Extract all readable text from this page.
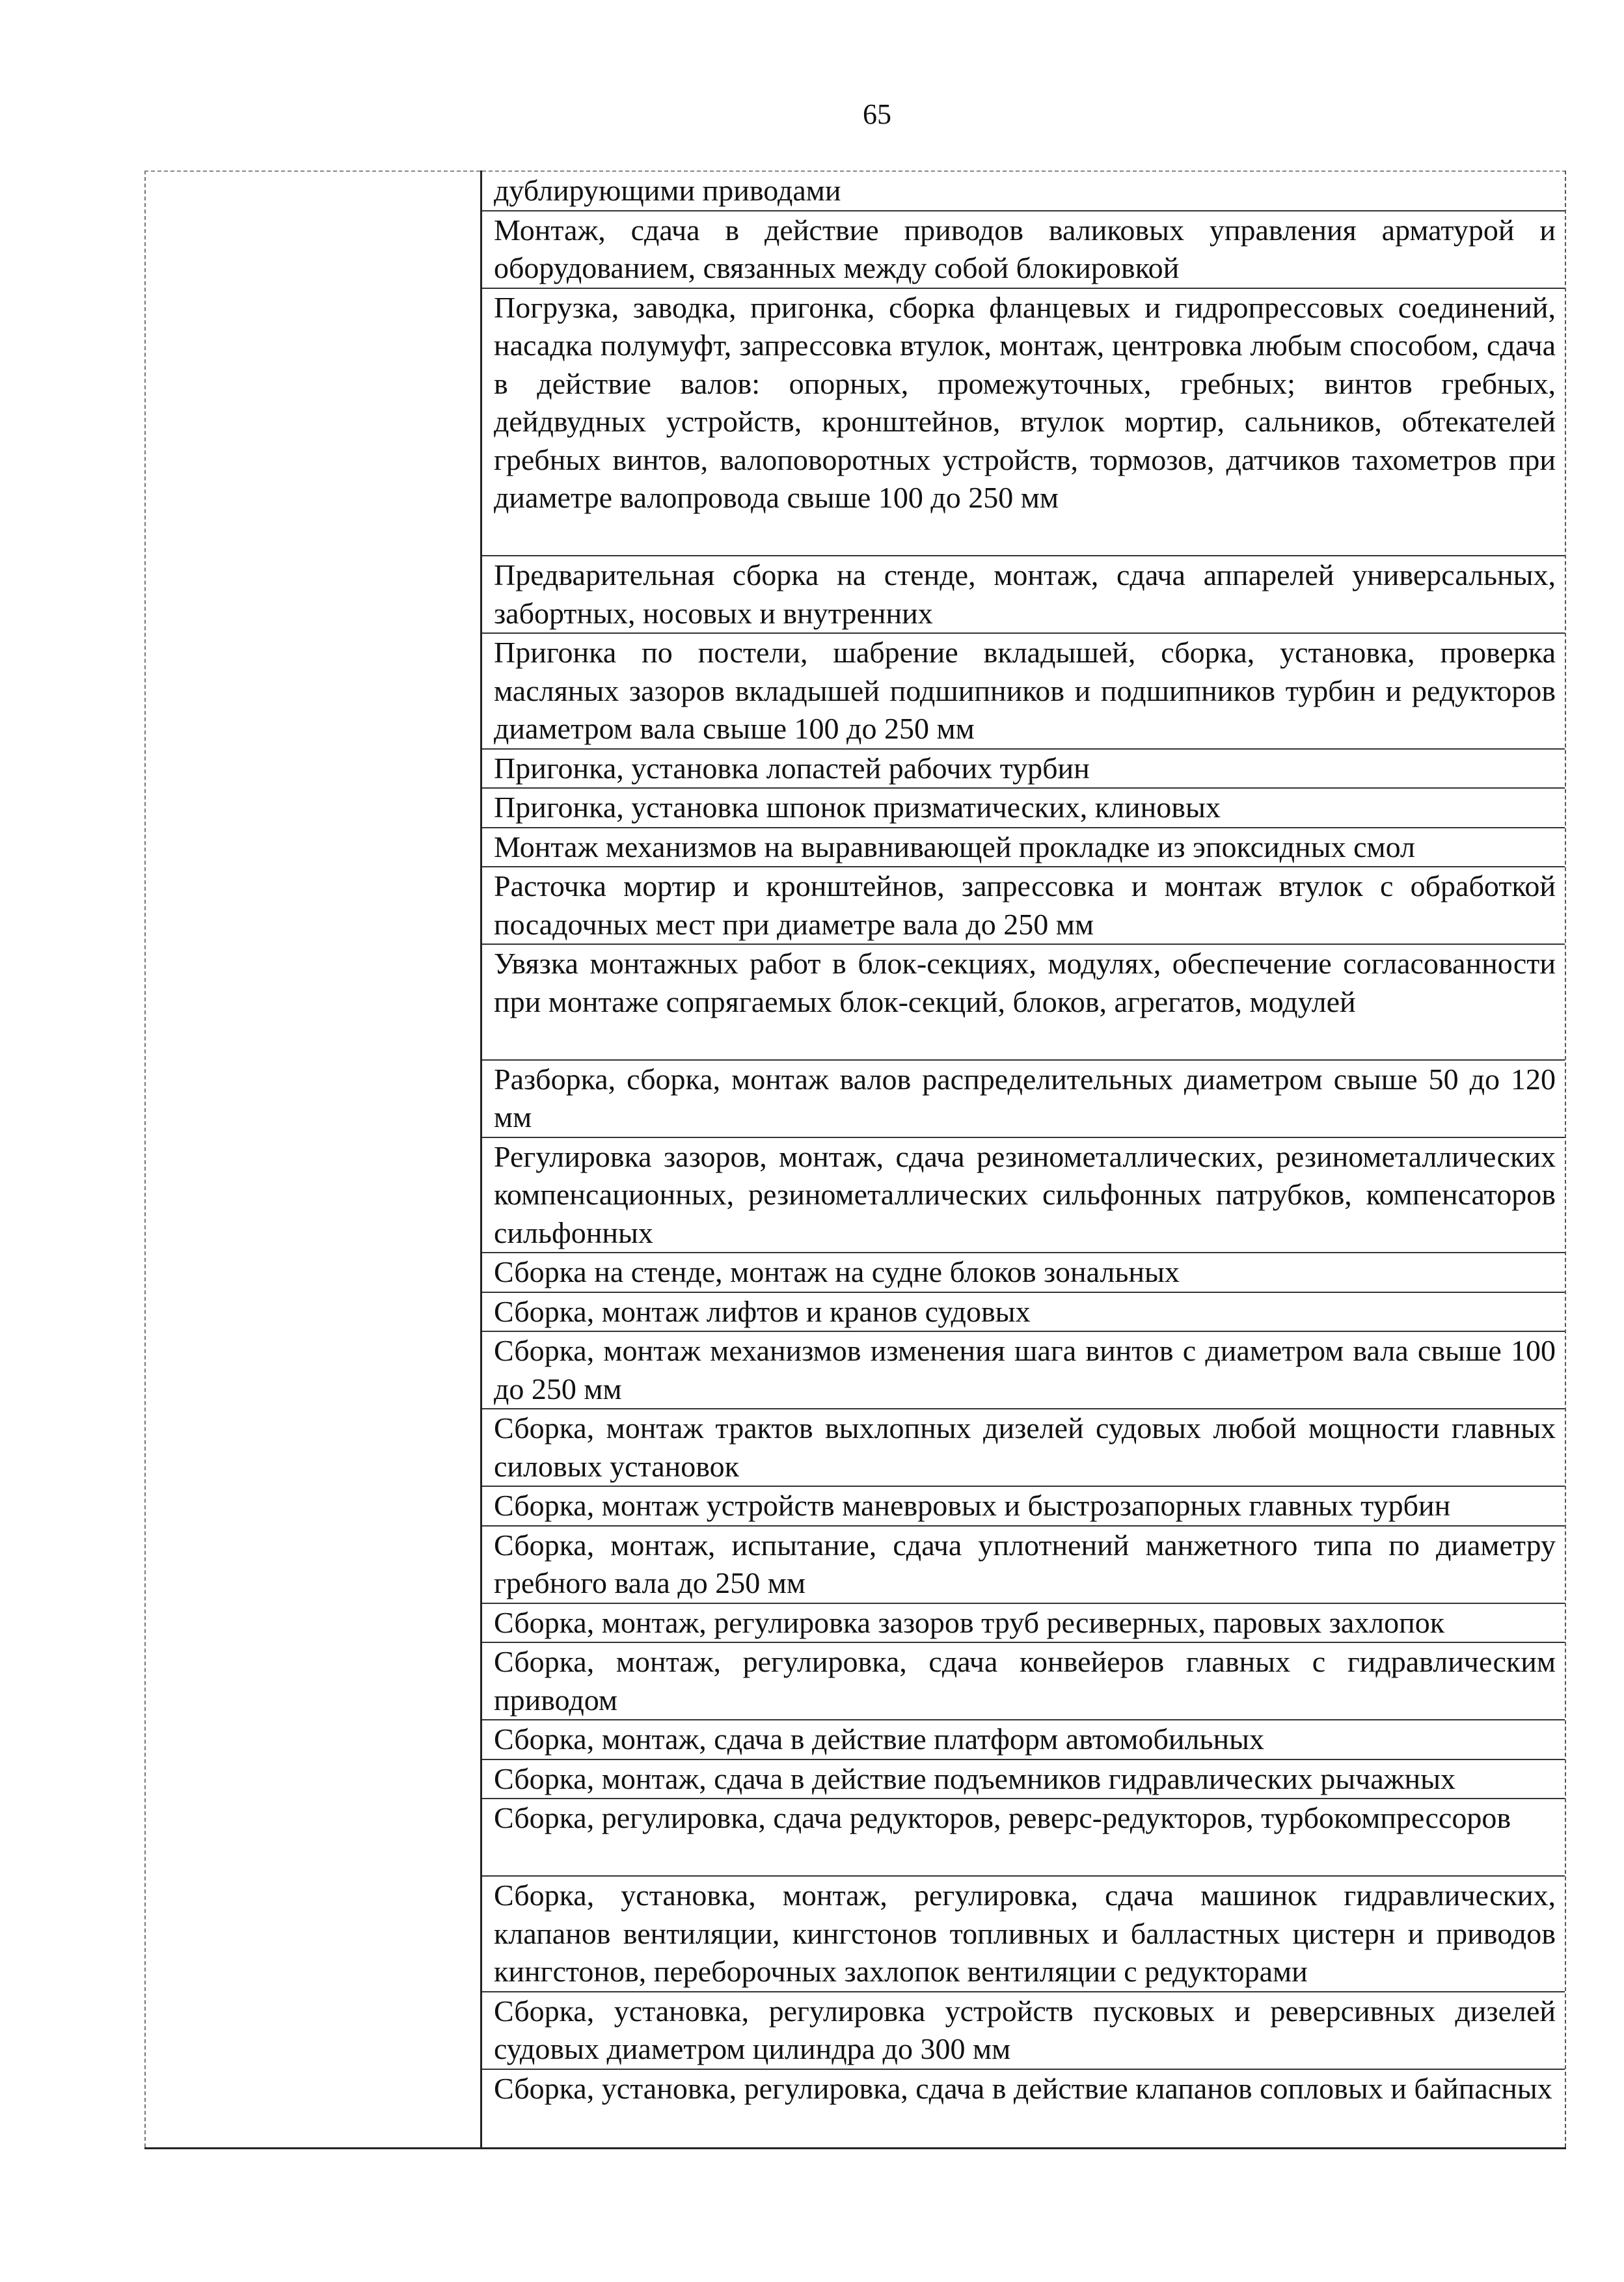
65

дублирующими приводами
Монтаж, сдача в действие приводов валиковых управления арматурой и оборудованием, связанных между собой блокировкой
Погрузка, заводка, пригонка, сборка фланцевых и гидропрессовых соединений, насадка полумуфт, запрессовка втулок, монтаж, центровка любым способом, сдача в действие валов: опорных, промежуточных, гребных; винтов гребных, дейдвудных устройств, кронштейнов, втулок мортир, сальников, обтекателей гребных винтов, валоповоротных устройств, тормозов, датчиков тахометров при диаметре валопровода свыше 100 до 250 мм
Предварительная сборка на стенде, монтаж, сдача аппарелей универсальных, забортных, носовых и внутренних
Пригонка по постели, шабрение вкладышей, сборка, установка, проверка масляных зазоров вкладышей подшипников и подшипников турбин и редукторов диаметром вала свыше 100 до 250 мм
Пригонка, установка лопастей рабочих турбин
Пригонка, установка шпонок призматических, клиновых
Монтаж механизмов на выравнивающей прокладке из эпоксидных смол
Расточка мортир и кронштейнов, запрессовка и монтаж втулок с обработкой посадочных мест при диаметре вала до 250 мм
Увязка монтажных работ в блок-секциях, модулях, обеспечение согласованности при монтаже сопрягаемых блок-секций, блоков, агрегатов, модулей
Разборка, сборка, монтаж валов распределительных диаметром свыше 50 до 120 мм
Регулировка зазоров, монтаж, сдача резинометаллических, резинометаллических компенсационных, резинометаллических сильфонных патрубков, компенсаторов сильфонных
Сборка на стенде, монтаж на судне блоков зональных
Сборка, монтаж лифтов и кранов судовых
Сборка, монтаж механизмов изменения шага винтов с диаметром вала свыше 100 до 250 мм
Сборка, монтаж трактов выхлопных дизелей судовых любой мощности главных силовых установок
Сборка, монтаж устройств маневровых и быстрозапорных главных турбин
Сборка, монтаж, испытание, сдача уплотнений манжетного типа по диаметру гребного вала до 250 мм
Сборка, монтаж, регулировка зазоров труб ресиверных, паровых захлопок
Сборка, монтаж, регулировка, сдача конвейеров главных с гидравлическим приводом
Сборка, монтаж, сдача в действие платформ автомобильных
Сборка, монтаж, сдача в действие подъемников гидравлических рычажных
Сборка, регулировка, сдача редукторов, реверс-редукторов, турбокомпрессоров
Сборка, установка, монтаж, регулировка, сдача машинок гидравлических, клапанов вентиляции, кингстонов топливных и балластных цистерн и приводов кингстонов, переборочных захлопок вентиляции с редукторами
Сборка, установка, регулировка устройств пусковых и реверсивных дизелей судовых диаметром цилиндра до 300 мм
Сборка, установка, регулировка, сдача в действие клапанов сопловых и байпасных
